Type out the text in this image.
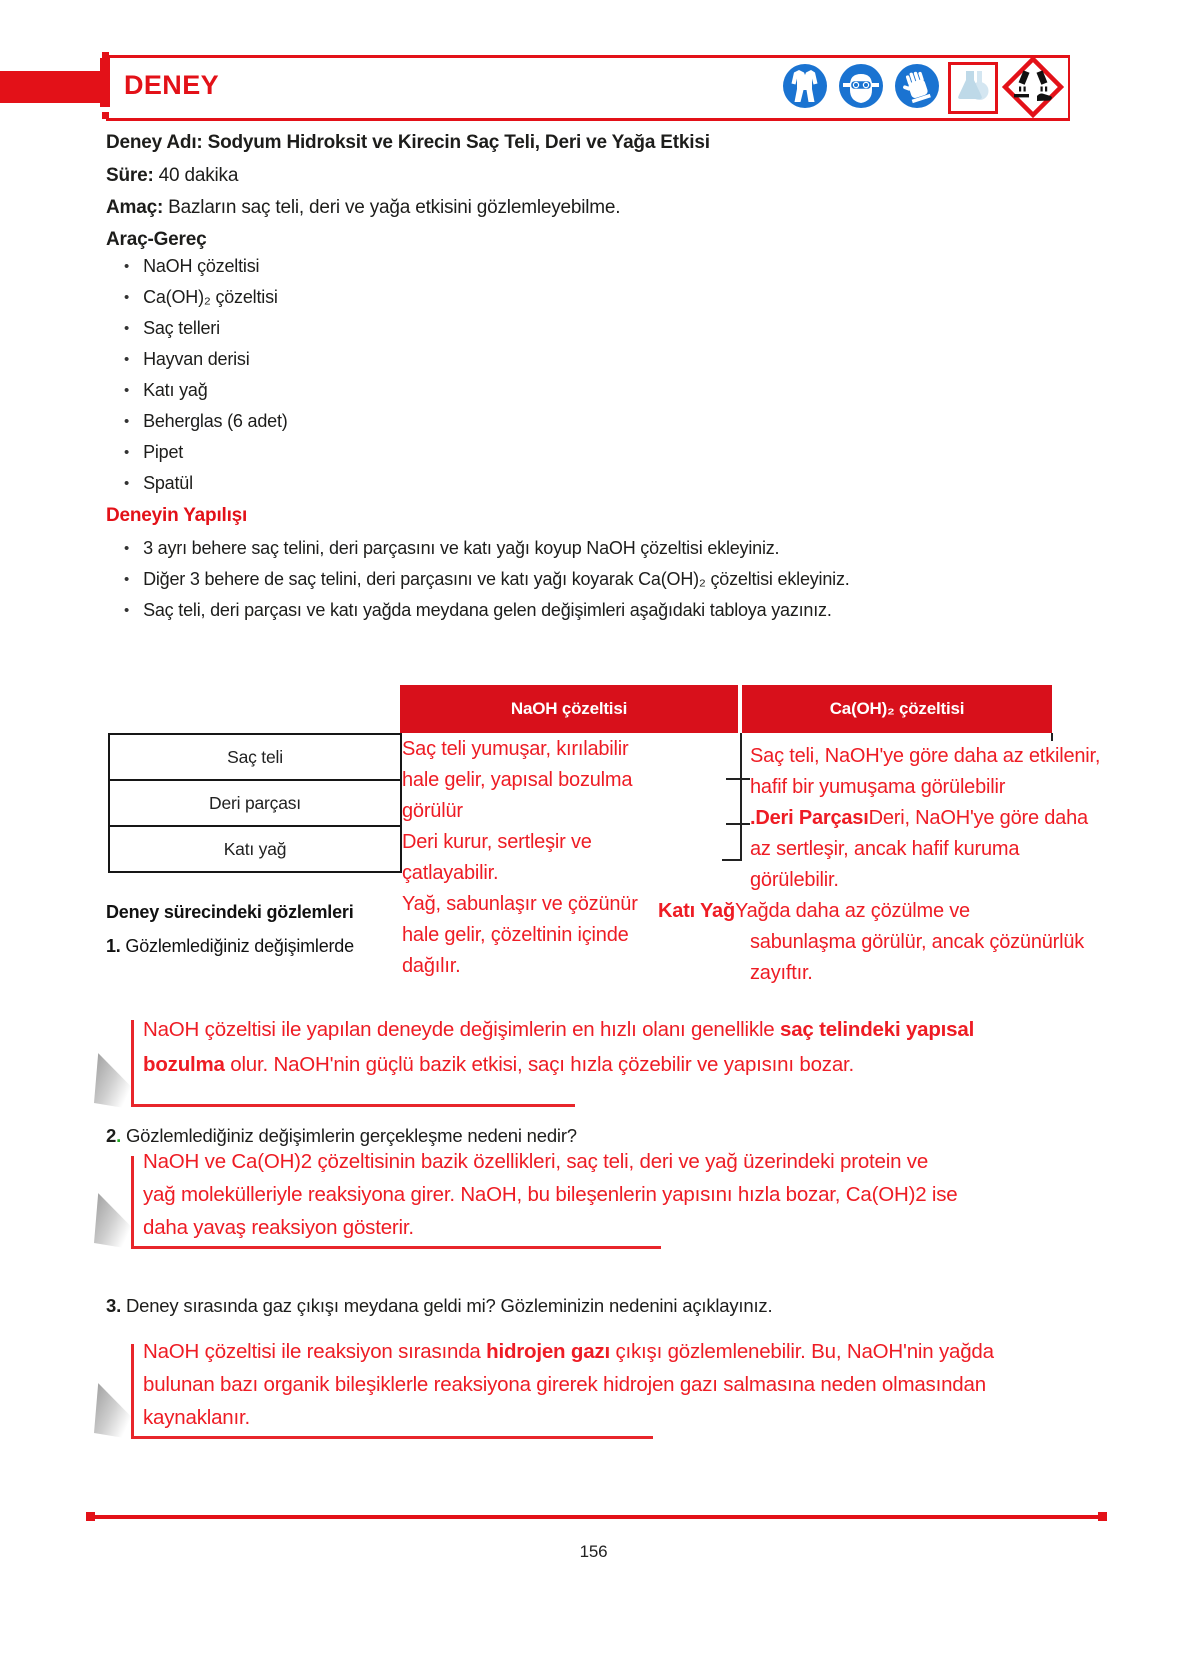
DENEY
Deney Adı: Sodyum Hidroksit ve Kirecin Saç Teli, Deri ve Yağa Etkisi
Süre: 40 dakika
Amaç: Bazların saç teli, deri ve yağa etkisini gözlemleyebilme.
Araç-Gereç
• NaOH çözeltisi
• Ca(OH)₂ çözeltisi
• Saç telleri
• Hayvan derisi
• Katı yağ
• Beherglas (6 adet)
• Pipet
• Spatül
Deneyin Yapılışı
• 3 ayrı behere saç telini, deri parçasını ve katı yağı koyup NaOH çözeltisi ekleyiniz.
• Diğer 3 behere de saç telini, deri parçasını ve katı yağı koyarak Ca(OH)₂ çözeltisi ekleyiniz.
• Saç teli, deri parçası ve katı yağda meydana gelen değişimleri aşağıdaki tabloya yazınız.
NaOH çözeltisi	Ca(OH)₂ çözeltisi
Saç teli
Deri parçası
Katı yağ
Deney sürecindeki gözlemleri
1. Gözlemlediğiniz değişimlerde
Saç teli yumuşar, kırılabilir
hale gelir, yapısal bozulma
görülür
Deri kurur, sertleşir ve
çatlayabilir.
Yağ, sabunlaşır ve çözünür
hale gelir, çözeltinin içinde
dağılır.
Saç teli, NaOH'ye göre daha az etkilenir,
hafif bir yumuşama görülebilir
.Deri ParçasıDeri, NaOH'ye göre daha
az sertleşir, ancak hafif kuruma
görülebilir.
Katı YağYağda daha az çözülme ve
sabunlaşma görülür, ancak çözünürlük
zayıftır.
NaOH çözeltisi ile yapılan deneyde değişimlerin en hızlı olanı genellikle saç telindeki yapısal bozulma olur. NaOH'nin güçlü bazik etkisi, saçı hızla çözebilir ve yapısını bozar.
2. Gözlemlediğiniz değişimlerin gerçekleşme nedeni nedir?
NaOH ve Ca(OH)2 çözeltisinin bazik özellikleri, saç teli, deri ve yağ üzerindeki protein ve yağ molekülleriyle reaksiyona girer. NaOH, bu bileşenlerin yapısını hızla bozar, Ca(OH)2 ise daha yavaş reaksiyon gösterir.
3. Deney sırasında gaz çıkışı meydana geldi mi? Gözleminizin nedenini açıklayınız.
NaOH çözeltisi ile reaksiyon sırasında hidrojen gazı çıkışı gözlemlenebilir. Bu, NaOH'nin yağda bulunan bazı organik bileşiklerle reaksiyona girerek hidrojen gazı salmasına neden olmasından kaynaklanır.
156
